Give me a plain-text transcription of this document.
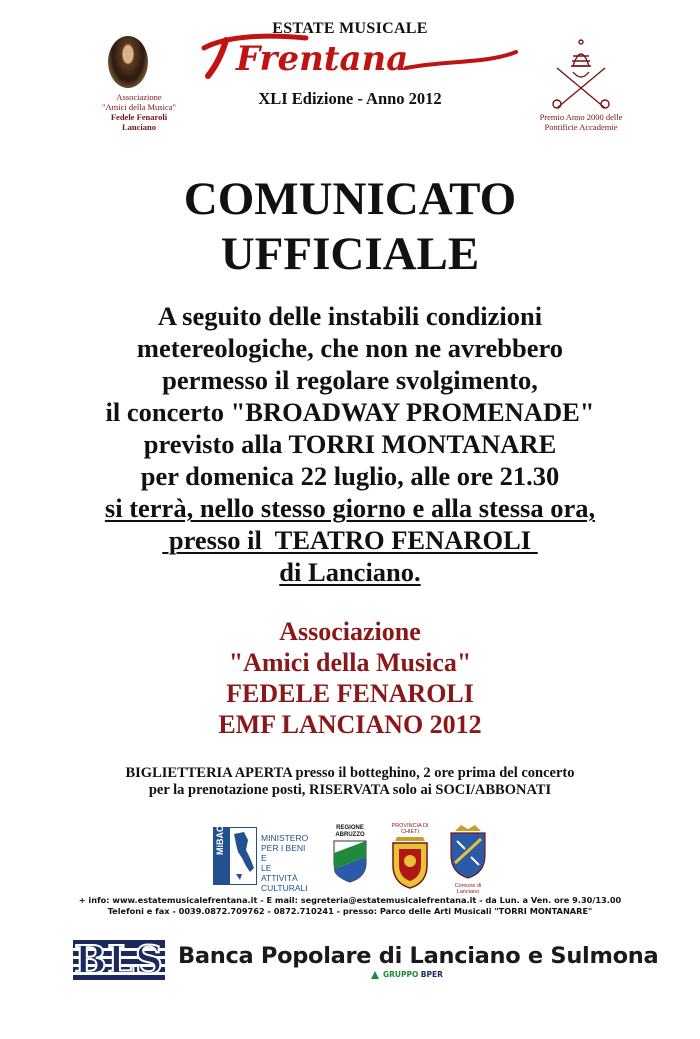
Associazione
"Amici della Musica"
Fedele Fenaroli
Lanciano
ESTATE MUSICALE
Frentana
XLI Edizione - Anno 2012
Premio Anno 2000 delle
Pontificie Accademie
COMUNICATO
UFFICIALE
A seguito delle instabili condizioni
metereologiche, che non ne avrebbero
permesso il regolare svolgimento,
il concerto "BROADWAY PROMENADE"
previsto alla TORRI MONTANARE
per domenica 22 luglio, alle ore 21.30
si terrà, nello stesso giorno e alla stessa ora,
presso il  TEATRO FENAROLI
di Lanciano.
Associazione
"Amici della Musica"
FEDELE FENAROLI
EMF LANCIANO 2012
BIGLIETTERIA APERTA presso il botteghino, 2 ore prima del concerto
per la prenotazione posti, RISERVATA solo ai SOCI/ABBONATI
MiBAC	MINISTERO
PER I BENI E
LE ATTIVITÀ
CULTURALI
REGIONE
ABRUZZO
PROVINCIA DI CHIETI
Comune di Lanciano
+ info: www.estatemusicalefrentana.it - E mail: segreteria@estatemusicalefrentana.it - da Lun. a Ven. ore 9.30/13.00
Telefoni e fax - 0039.0872.709762 - 0872.710241 - presso: Parco delle Arti Musicali "TORRI MONTANARE"
BLS Banca Popolare di Lanciano e Sulmona
GRUPPO BPER
